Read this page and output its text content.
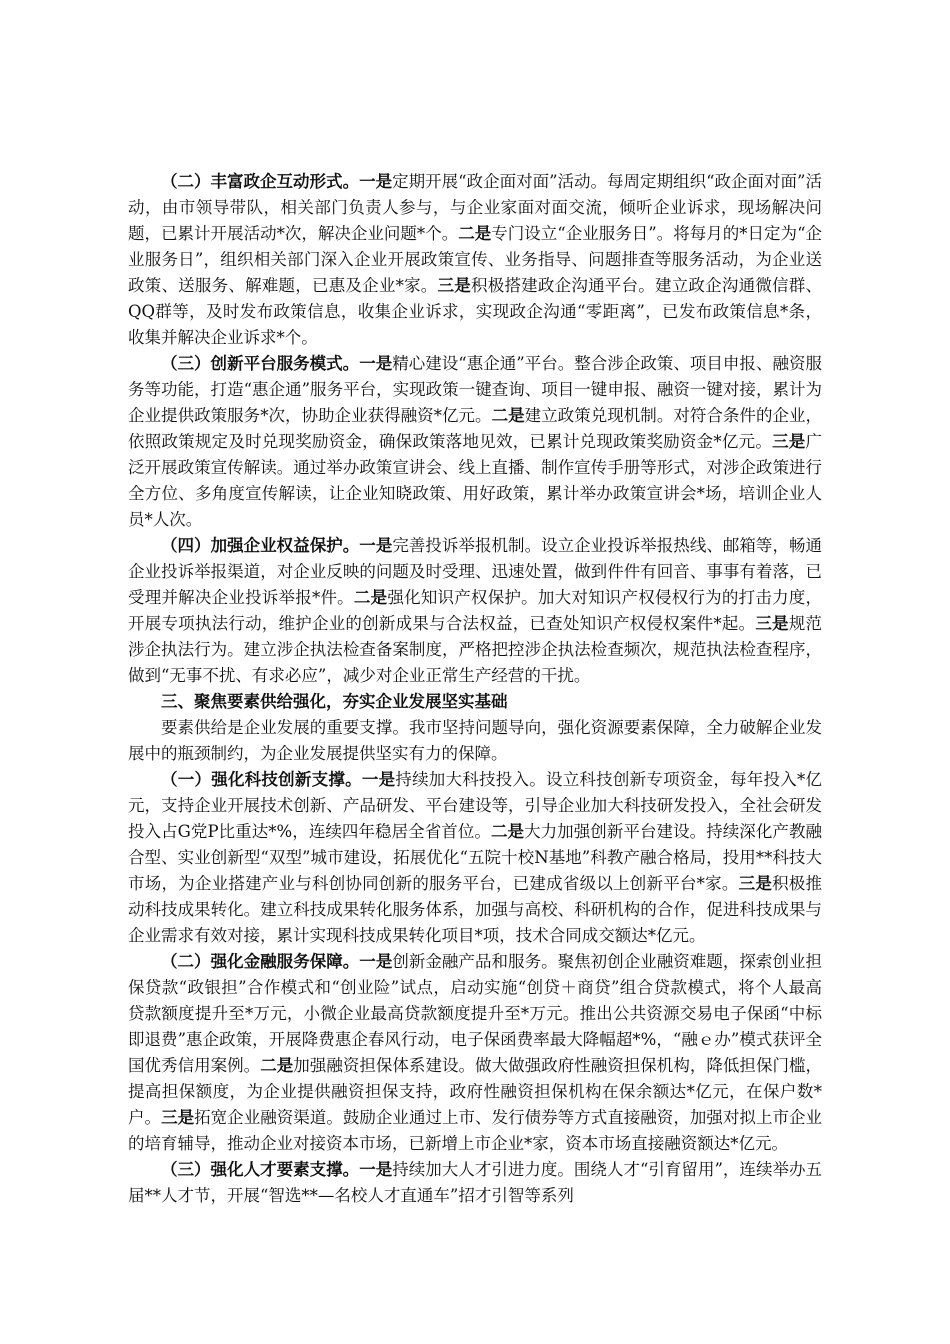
（二）丰富政企互动形式。一是定期开展“政企面对面”活动。每周定期组织“政企面对面”活动，由市领导带队，相关部门负责人参与，与企业家面对面交流，倾听企业诉求，现场解决问题，已累计开展活动*次，解决企业问题*个。二是专门设立“企业服务日”。将每月的*日定为“企业服务日”，组织相关部门深入企业开展政策宣传、业务指导、问题排查等服务活动，为企业送政策、送服务、解难题，已惠及企业*家。三是积极搭建政企沟通平台。建立政企沟通微信群、QQ群等，及时发布政策信息，收集企业诉求，实现政企沟通“零距离”，已发布政策信息*条，收集并解决企业诉求*个。

（三）创新平台服务模式。一是精心建设“惠企通”平台。整合涉企政策、项目申报、融资服务等功能，打造“惠企通”服务平台，实现政策一键查询、项目一键申报、融资一键对接，累计为企业提供政策服务*次，协助企业获得融资*亿元。二是建立政策兑现机制。对符合条件的企业，依照政策规定及时兑现奖励资金，确保政策落地见效，已累计兑现政策奖励资金*亿元。三是广泛开展政策宣传解读。通过举办政策宣讲会、线上直播、制作宣传手册等形式，对涉企政策进行全方位、多角度宣传解读，让企业知晓政策、用好政策，累计举办政策宣讲会*场，培训企业人员*人次。

（四）加强企业权益保护。一是完善投诉举报机制。设立企业投诉举报热线、邮箱等，畅通企业投诉举报渠道，对企业反映的问题及时受理、迅速处置，做到件件有回音、事事有着落，已受理并解决企业投诉举报*件。二是强化知识产权保护。加大对知识产权侵权行为的打击力度，开展专项执法行动，维护企业的创新成果与合法权益，已查处知识产权侵权案件*起。三是规范涉企执法行为。建立涉企执法检查备案制度，严格把控涉企执法检查频次，规范执法检查程序，做到“无事不扰、有求必应”，减少对企业正常生产经营的干扰。

三、聚焦要素供给强化，夯实企业发展坚实基础

要素供给是企业发展的重要支撑。我市坚持问题导向，强化资源要素保障，全力破解企业发展中的瓶颈制约，为企业发展提供坚实有力的保障。

（一）强化科技创新支撑。一是持续加大科技投入。设立科技创新专项资金，每年投入*亿元，支持企业开展技术创新、产品研发、平台建设等，引导企业加大科技研发投入，全社会研发投入占G党P比重达*%，连续四年稳居全省首位。二是大力加强创新平台建设。持续深化产教融合型、实业创新型“双型”城市建设，拓展优化“五院十校N基地”科教产融合格局，投用**科技大市场，为企业搭建产业与科创协同创新的服务平台，已建成省级以上创新平台*家。三是积极推动科技成果转化。建立科技成果转化服务体系，加强与高校、科研机构的合作，促进科技成果与企业需求有效对接，累计实现科技成果转化项目*项，技术合同成交额达*亿元。

（二）强化金融服务保障。一是创新金融产品和服务。聚焦初创企业融资难题，探索创业担保贷款“政银担”合作模式和“创业险”试点，启动实施“创贷＋商贷”组合贷款模式，将个人最高贷款额度提升至*万元，小微企业最高贷款额度提升至*万元。推出公共资源交易电子保函“中标即退费”惠企政策，开展降费惠企春风行动，电子保函费率最大降幅超*%，“融ｅ办”模式获评全国优秀信用案例。二是加强融资担保体系建设。做大做强政府性融资担保机构，降低担保门槛，提高担保额度，为企业提供融资担保支持，政府性融资担保机构在保余额达*亿元，在保户数*户。三是拓宽企业融资渠道。鼓励企业通过上市、发行债券等方式直接融资，加强对拟上市企业的培育辅导，推动企业对接资本市场，已新增上市企业*家，资本市场直接融资额达*亿元。

（三）强化人才要素支撑。一是持续加大人才引进力度。围绕人才“引育留用”，连续举办五届**人才节，开展“智选**—名校人才直通车”招才引智等系列
